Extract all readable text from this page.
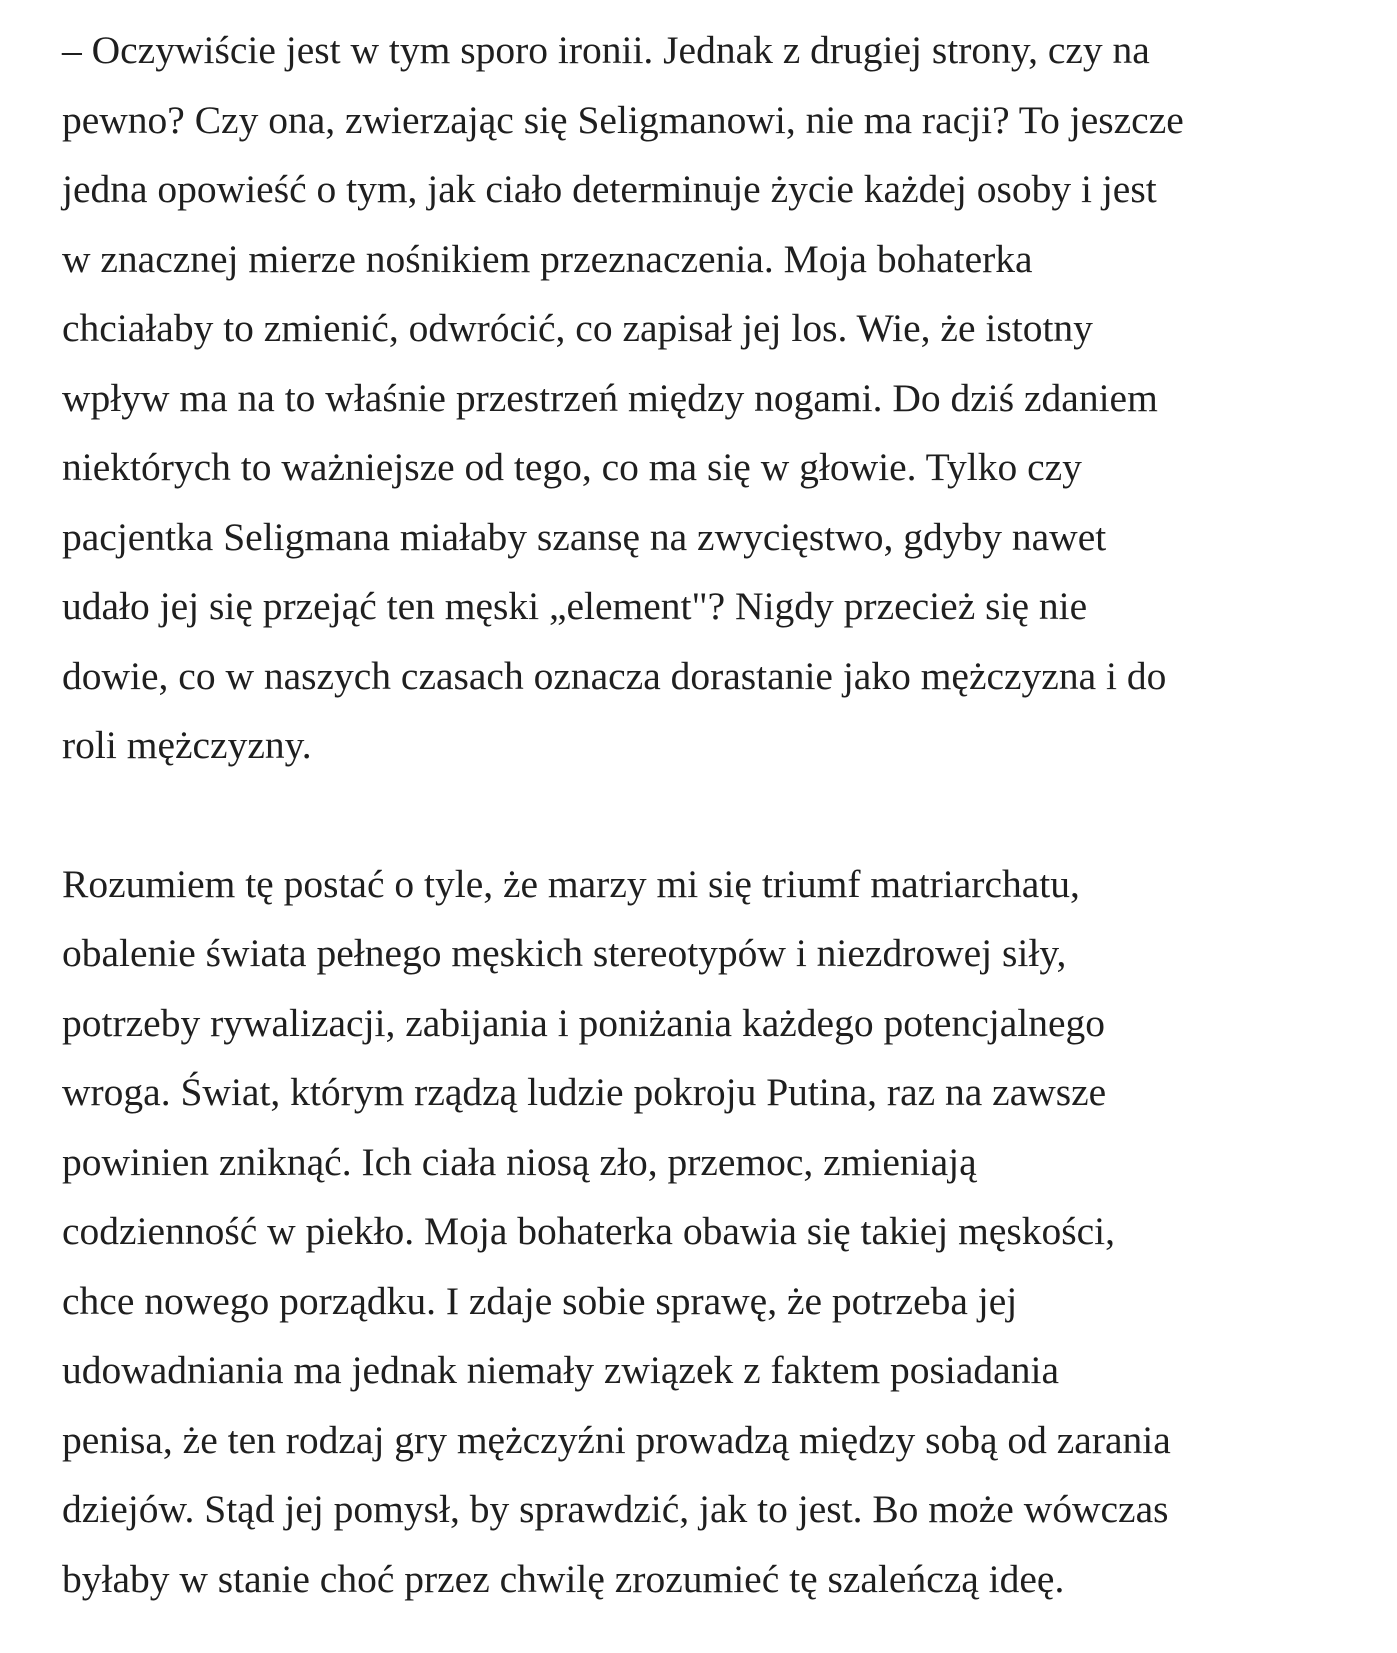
– Oczywiście jest w tym sporo ironii. Jednak z drugiej strony, czy na
pewno? Czy ona, zwierzając się Seligmanowi, nie ma racji? To jeszcze
jedna opowieść o tym, jak ciało determinuje życie każdej osoby i jest
w znacznej mierze nośnikiem przeznaczenia. Moja bohaterka
chciałaby to zmienić, odwrócić, co zapisał jej los. Wie, że istotny
wpływ ma na to właśnie przestrzeń między nogami. Do dziś zdaniem
niektórych to ważniejsze od tego, co ma się w głowie. Tylko czy
pacjentka Seligmana miałaby szansę na zwycięstwo, gdyby nawet
udało jej się przejąć ten męski „element"? Nigdy przecież się nie
dowie, co w naszych czasach oznacza dorastanie jako mężczyzna i do
roli mężczyzny.

Rozumiem tę postać o tyle, że marzy mi się triumf matriarchatu,
obalenie świata pełnego męskich stereotypów i niezdrowej siły,
potrzeby rywalizacji, zabijania i poniżania każdego potencjalnego
wroga. Świat, którym rządzą ludzie pokroju Putina, raz na zawsze
powinien zniknąć. Ich ciała niosą zło, przemoc, zmieniają
codzienność w piekło. Moja bohaterka obawia się takiej męskości,
chce nowego porządku. I zdaje sobie sprawę, że potrzeba jej
udowadniania ma jednak niemały związek z faktem posiadania
penisa, że ten rodzaj gry mężczyźni prowadzą między sobą od zarania
dziejów. Stąd jej pomysł, by sprawdzić, jak to jest. Bo może wówczas
byłaby w stanie choć przez chwilę zrozumieć tę szaleńczą ideę.
